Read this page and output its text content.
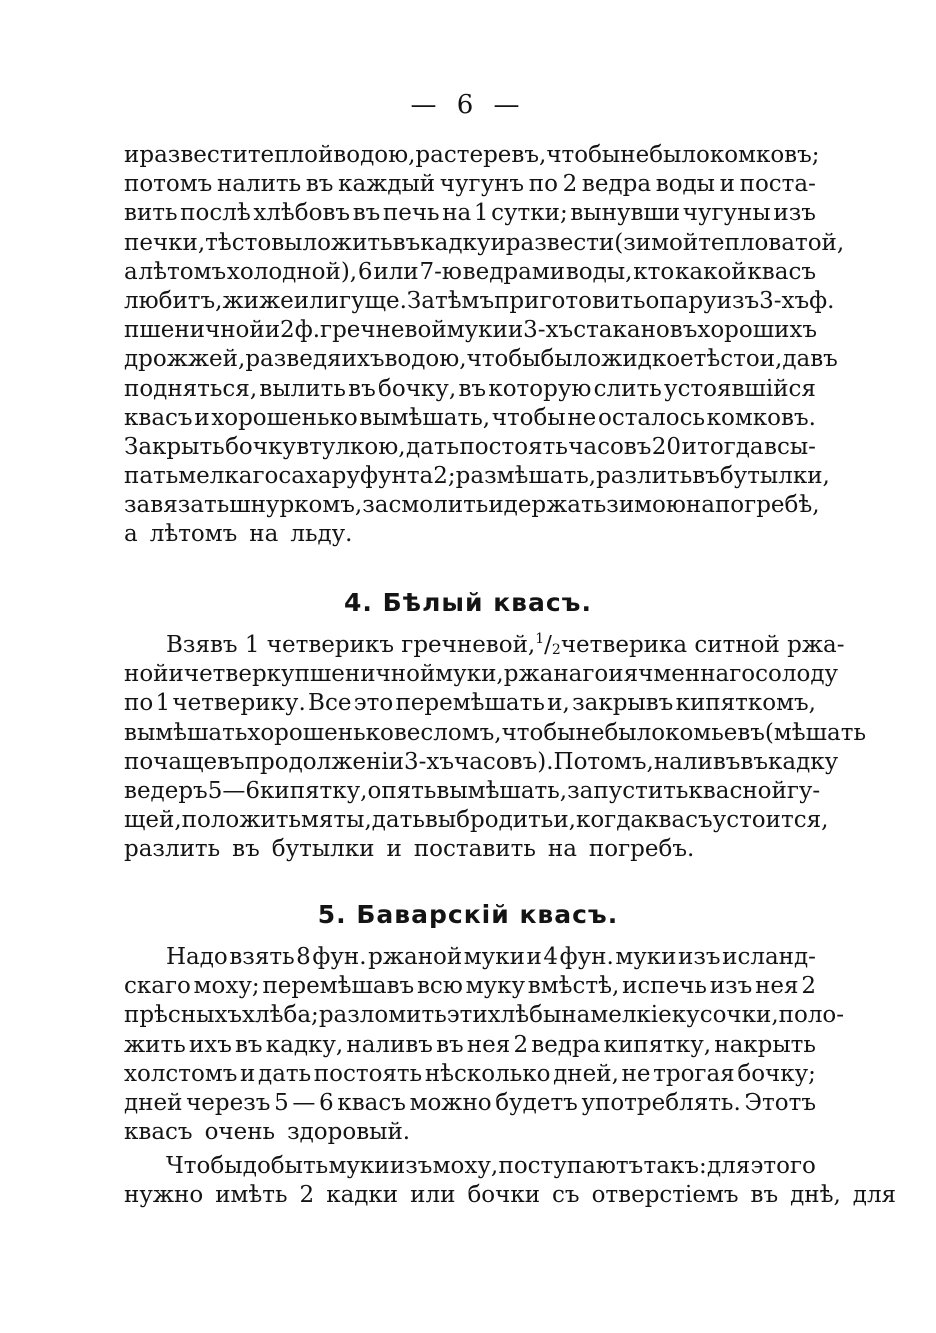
— 6 —
и развести теплой водою, растеревъ, чтобы не было комковъ;
потомъ налить въ каждый чугунъ по 2 ведра воды и поста-
вить послѣ хлѣбовъ въ печь на 1 сутки; вынувши чугуны изъ
печки, тѣсто выложить въ кадку и развести (зимой тепловатой,
а лѣтомъ холодной), 6 или 7-ю ведрами воды, кто какой квасъ
любитъ, жиже или гуще. Затѣмъ приготовить опару изъ 3-хъ ф.
пшеничной и 2 ф. гречневой муки и 3-хъ стакановъ хорошихъ
дрожжей, разведя ихъ водою, чтобы было жидкое тѣсто и, давъ
подняться, вылить въ бочку, въ которую слить устоявшійся
квасъ и хорошенько вымѣшать, чтобы не осталось комковъ.
Закрыть бочку втулкою, дать постоять часовъ 20 и тогда всы-
пать мелкаго сахару фунта 2; размѣшать, разлить въ бутылки,
завязать шнуркомъ, засмолить и держать зимою на погребѣ,
а лѣтомъ на льду.
4. Бѣлый квасъ.
Взявъ 1 четверикъ гречневой, $^1/_2$ четверика ситной ржа-
ной и четверку пшеничной муки, ржанаго и ячменнаго солоду
по 1 четверику. Все это перемѣшать и, закрывъ кипяткомъ,
вымѣшать хорошенько весломъ, чтобы не было комьевъ (мѣшать
почаще въ продолженіи 3-хъ часовъ). Потомъ, наливъ въ кадку
ведеръ 5—6 кипятку, опять вымѣшать, запустить квасной гу-
щей, положить мяты, дать выбродить и, когда квасъ устоится,
разлить въ бутылки и поставить на погребъ.
5. Баварскій квасъ.
Надо взять 8 фун. ржаной муки и 4 фун. муки изъ исланд-
скаго моху; перемѣшавъ всю муку вмѣстѣ, испечь изъ нея 2
прѣсныхъ хлѣба; разломить эти хлѣбы на мелкіе кусочки, поло-
жить ихъ въ кадку, наливъ въ нея 2 ведра кипятку, накрыть
холстомъ и дать постоять нѣсколько дней, не трогая бочку;
дней черезъ 5 — 6 квасъ можно будетъ употреблять. Этотъ
квасъ очень здоровый.
Чтобы добыть муки изъ моху, поступаютъ такъ: для этого
нужно имѣть 2 кадки или бочки съ отверстіемъ въ днѣ, для
